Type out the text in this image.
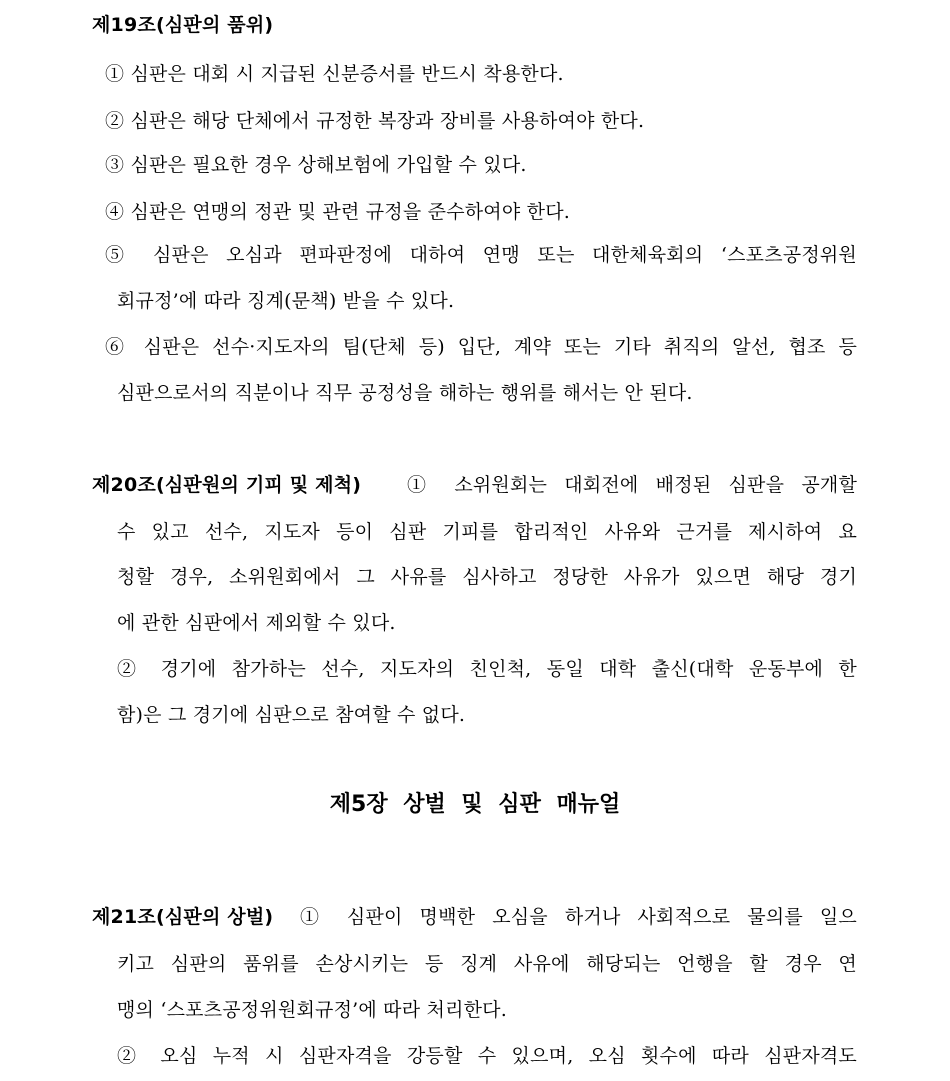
제19조(심판의 품위)
① 심판은 대회 시 지급된 신분증서를 반드시 착용한다.
② 심판은 해당 단체에서 규정한 복장과 장비를 사용하여야 한다.
③ 심판은 필요한 경우 상해보험에 가입할 수 있다.
④ 심판은 연맹의 정관 및 관련 규정을 준수하여야 한다.
⑤ 심판은 오심과 편파판정에 대하여 연맹 또는 대한체육회의 ‘스포츠공정위원
회규정’에 따라 징계(문책) 받을 수 있다.
⑥ 심판은 선수·지도자의 팀(단체 등) 입단, 계약 또는 기타 취직의 알선, 협조 등
심판으로서의 직분이나 직무 공정성을 해하는 행위를 해서는 안 된다.
제20조(심판원의 기피 및 제척) ① 소위원회는 대회전에 배정된 심판을 공개할
수 있고 선수, 지도자 등이 심판 기피를 합리적인 사유와 근거를 제시하여 요
청할 경우, 소위원회에서 그 사유를 심사하고 정당한 사유가 있으면 해당 경기
에 관한 심판에서 제외할 수 있다.
② 경기에 참가하는 선수, 지도자의 친인척, 동일 대학 출신(대학 운동부에 한
함)은 그 경기에 심판으로 참여할 수 없다.
제5장 상벌 및 심판 매뉴얼
제21조(심판의 상벌) ① 심판이 명백한 오심을 하거나 사회적으로 물의를 일으
키고 심판의 품위를 손상시키는 등 징계 사유에 해당되는 언행을 할 경우 연
맹의 ‘스포츠공정위원회규정’에 따라 처리한다.
② 오심 누적 시 심판자격을 강등할 수 있으며, 오심 횟수에 따라 심판자격도
